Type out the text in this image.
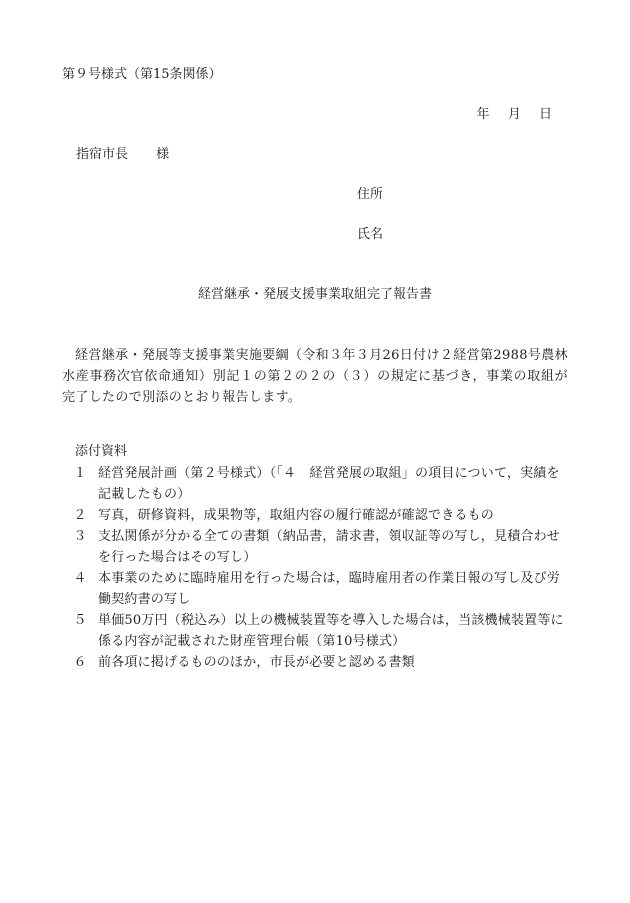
第９号様式（第15条関係）
年 月 日
指宿市長 様
住所
氏名
経営継承・発展支援事業取組完了報告書
経営継承・発展等支援事業実施要綱（令和３年３月26日付け２経営第2988号農林水産事務次官依命通知）別記１の第２の２の（３）の規定に基づき，事業の取組が完了したので別添のとおり報告します。
添付資料
１ 経営発展計画（第２号様式）（「４　経営発展の取組」の項目について，実績を記載したもの）
２ 写真，研修資料，成果物等，取組内容の履行確認が確認できるもの
３ 支払関係が分かる全ての書類（納品書，請求書，領収証等の写し，見積合わせを行った場合はその写し）
４ 本事業のために臨時雇用を行った場合は，臨時雇用者の作業日報の写し及び労働契約書の写し
５ 単価50万円（税込み）以上の機械装置等を導入した場合は，当該機械装置等に係る内容が記載された財産管理台帳（第10号様式）
６ 前各項に掲げるもののほか，市長が必要と認める書類
